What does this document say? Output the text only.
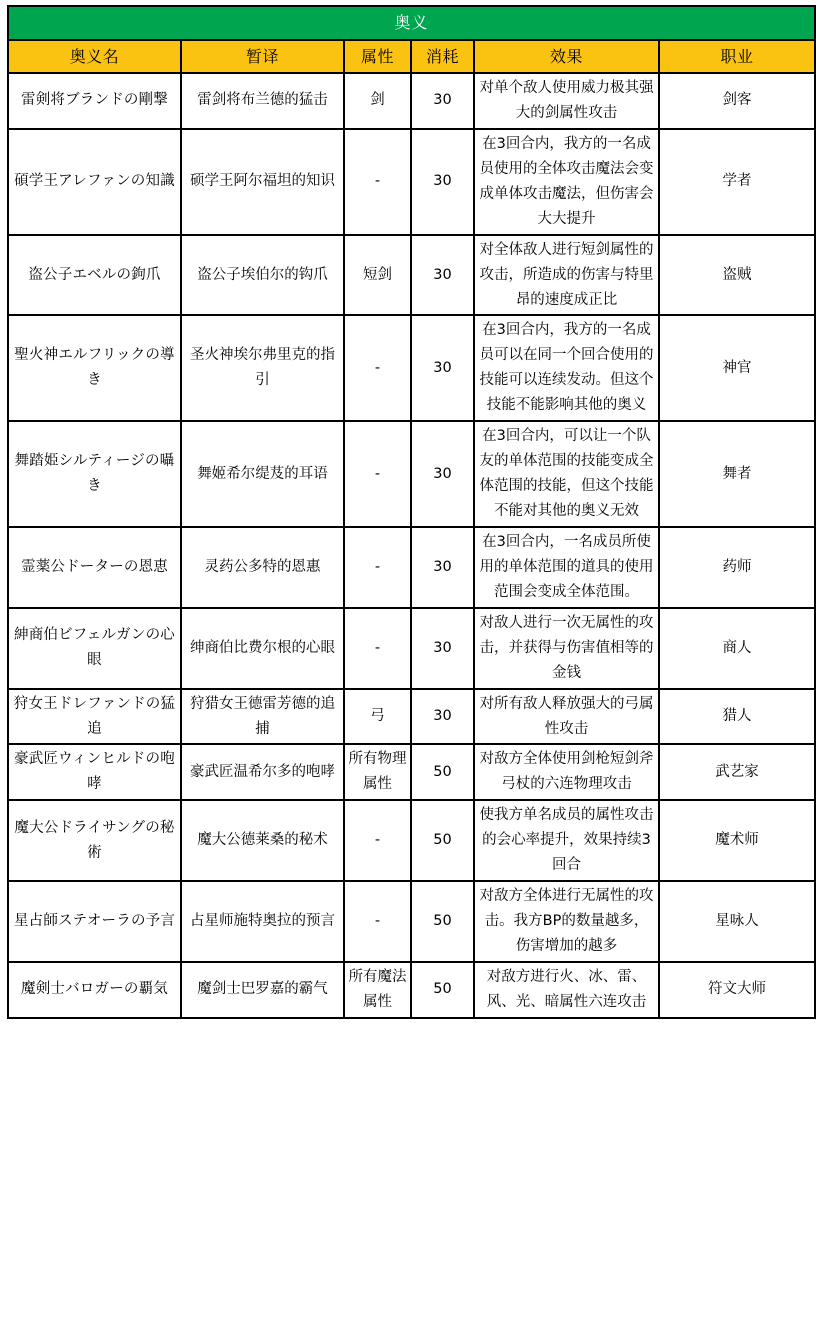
奥义					
奥义名	暂译	属性	消耗	效果	职业
雷剣将ブランドの剛撃	雷剑将布兰德的猛击	剑	30	对单个敌人使用威力极其强大的剑属性攻击	剑客
碩学王アレファンの知識	硕学王阿尔福坦的知识	-	30	在3回合内，我方的一名成员使用的全体攻击魔法会变成单体攻击魔法，但伤害会大大提升	学者
盗公子エベルの鉤爪	盗公子埃伯尔的钩爪	短剑	30	对全体敌人进行短剑属性的攻击，所造成的伤害与特里昂的速度成正比	盗贼
聖火神エルフリックの導き	圣火神埃尔弗里克的指引	-	30	在3回合内，我方的一名成员可以在同一个回合使用的技能可以连续发动。但这个技能不能影响其他的奥义	神官
舞踏姫シルティージの囁き	舞姬希尔缇芨的耳语	-	30	在3回合内，可以让一个队友的单体范围的技能变成全体范围的技能，但这个技能不能对其他的奥义无效	舞者
霊薬公ドーターの恩恵	灵药公多特的恩惠	-	30	在3回合内，一名成员所使用的单体范围的道具的使用范围会变成全体范围。	药师
紳商伯ビフェルガンの心眼	绅商伯比费尔根的心眼	-	30	对敌人进行一次无属性的攻击，并获得与伤害值相等的金钱	商人
狩女王ドレファンドの猛追	狩猎女王德雷芳德的追捕	弓	30	对所有敌人释放强大的弓属性攻击	猎人
豪武匠ウィンヒルドの咆哮	豪武匠温希尔多的咆哮	所有物理属性	50	对敌方全体使用剑枪短剑斧弓杖的六连物理攻击	武艺家
魔大公ドライサングの秘術	魔大公德莱桑的秘术	-	50	使我方单名成员的属性攻击的会心率提升，效果持续3回合	魔术师
星占師ステオーラの予言	占星师施特奥拉的预言	-	50	对敌方全体进行无属性的攻击。我方BP的数量越多，伤害增加的越多	星咏人
魔剣士バロガーの覇気	魔剑士巴罗嘉的霸气	所有魔法属性	50	对敌方进行火、冰、雷、风、光、暗属性六连攻击	符文大师
